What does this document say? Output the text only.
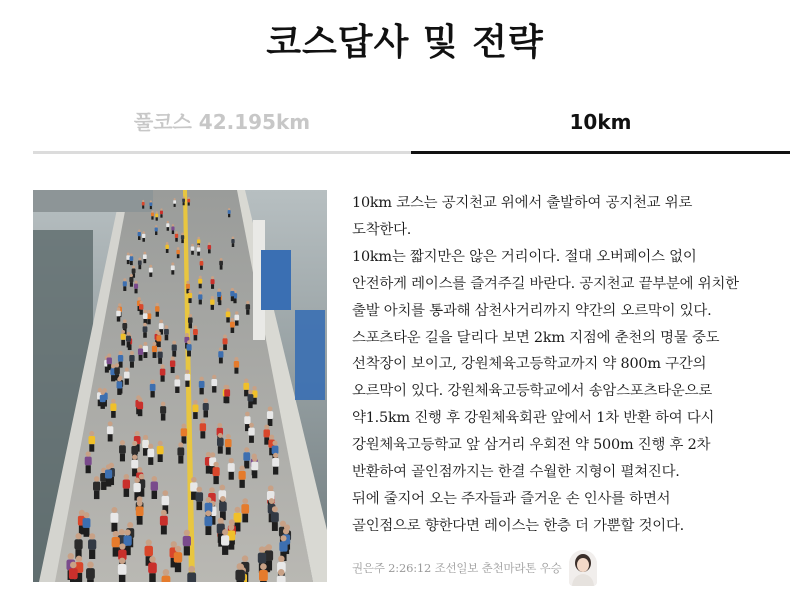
코스답사 및 전략
풀코스 42.195km	10km

10km 코스는 공지천교 위에서 출발하여 공지천교 위로

도착한다.

10km는 짧지만은 않은 거리이다. 절대 오버페이스 없이

안전하게 레이스를 즐겨주길 바란다. 공지천교 끝부분에 위치한

출발 아치를 통과해 삼천사거리까지 약간의 오르막이 있다.

스포츠타운 길을 달리다 보면 2km 지점에 춘천의 명물 중도

선착장이 보이고, 강원체육고등학교까지 약 800m 구간의

오르막이 있다. 강원체육고등학교에서 송암스포츠타운으로

약1.5km 진행 후 강원체육회관 앞에서 1차 반환 하여 다시

강원체육고등학교 앞 삼거리 우회전 약 500m 진행 후 2차

반환하여 골인점까지는 한결 수월한 지형이 펼쳐진다.

뒤에 줄지어 오는 주자들과 즐거운 손 인사를 하면서

골인점으로 향한다면 레이스는 한층 더 가뿐할 것이다.

권은주 2:26:12 조선일보 춘천마라톤 우승
